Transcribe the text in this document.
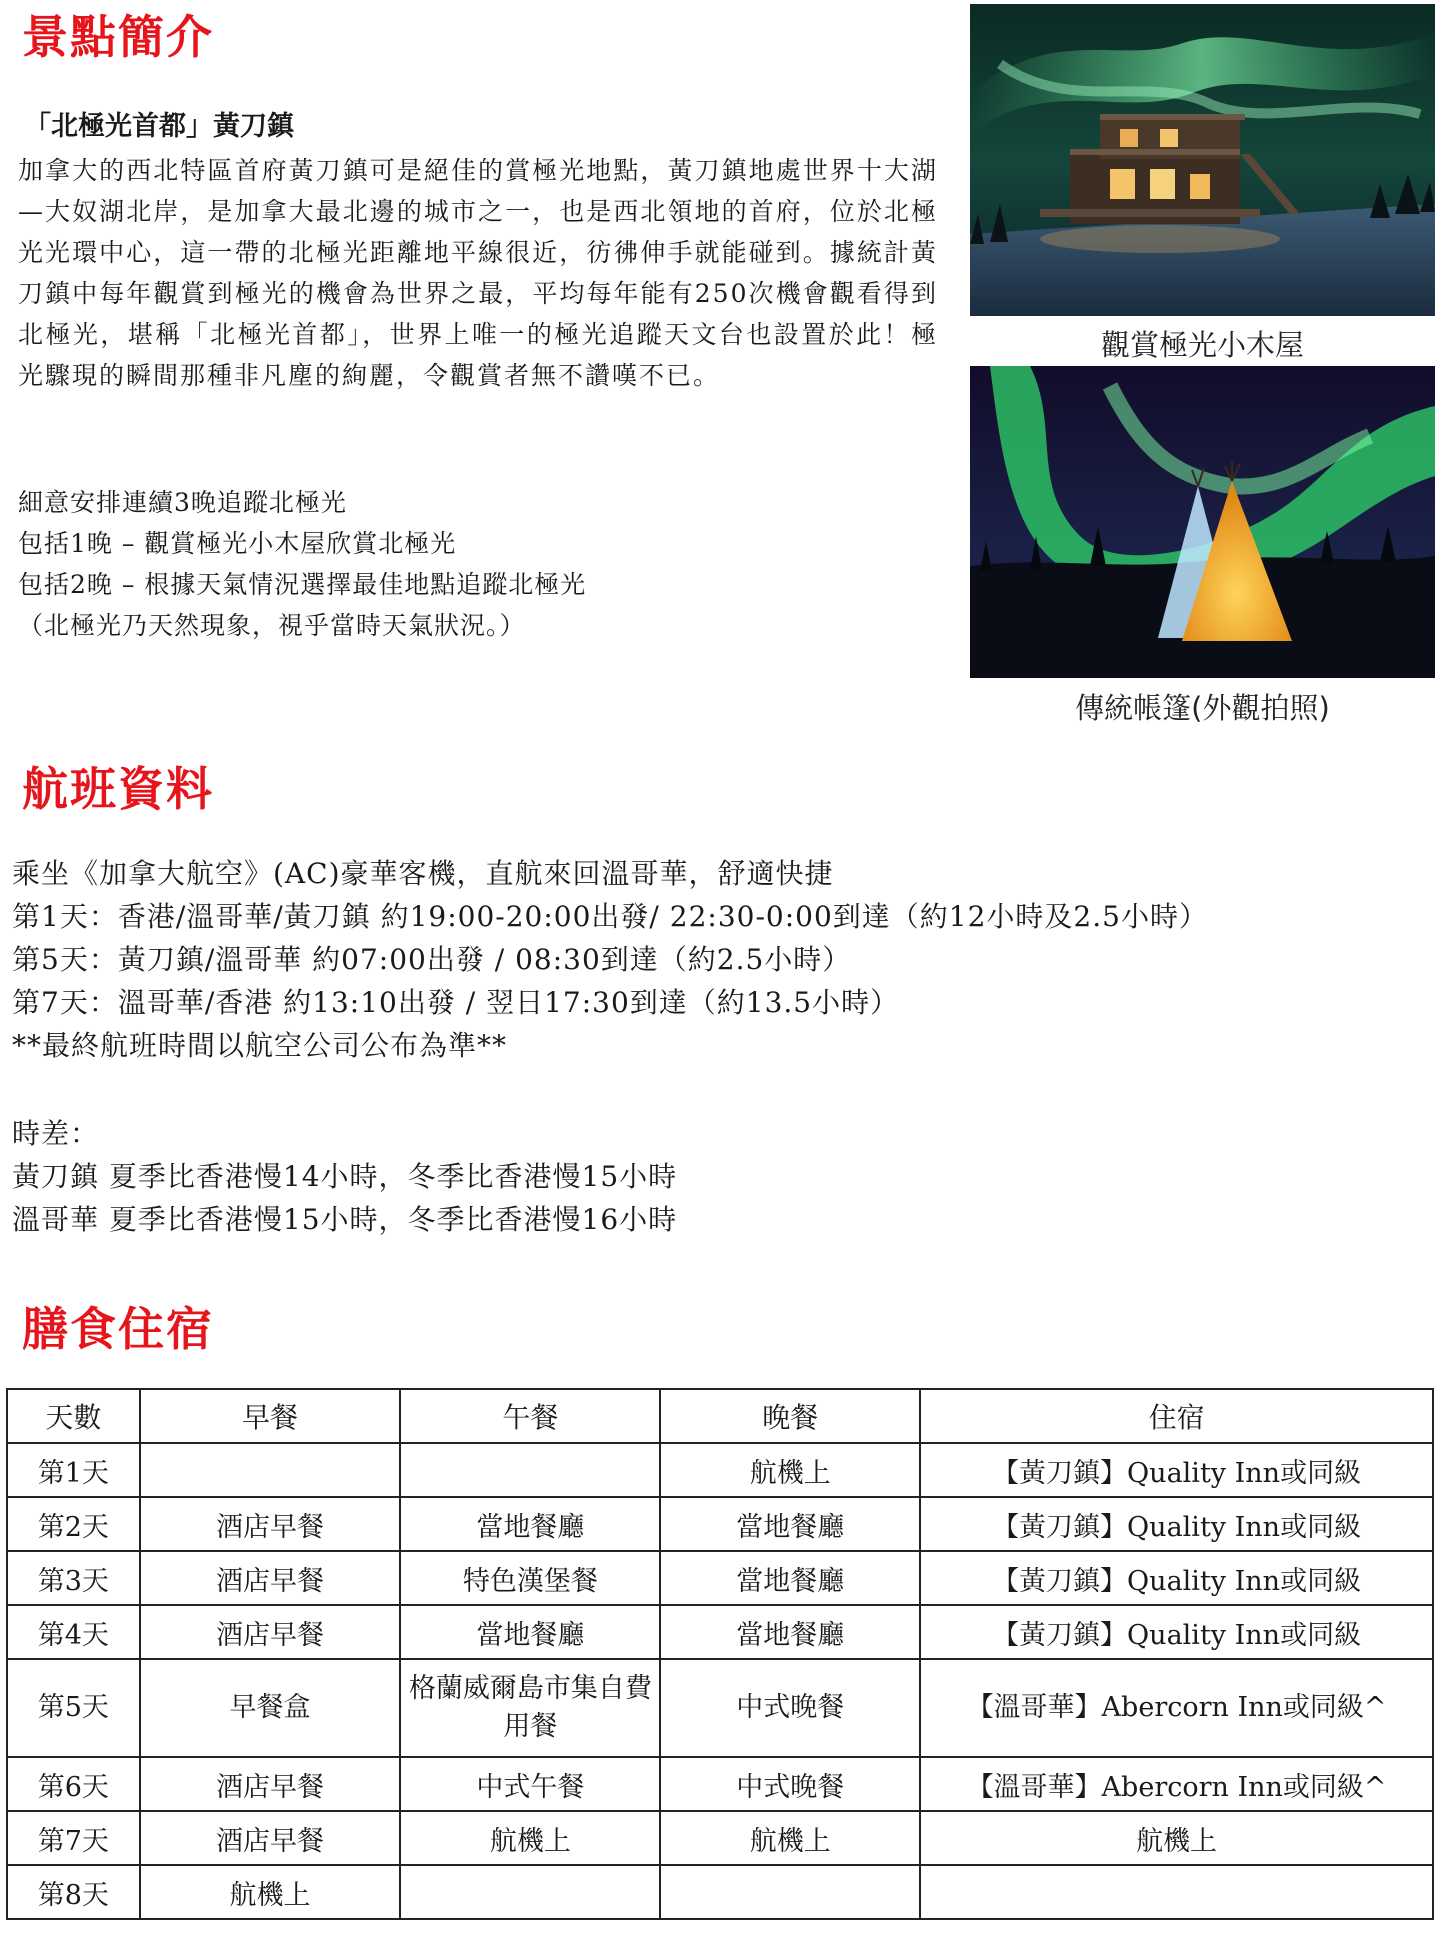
景點簡介
「北極光首都」黃刀鎮

加拿大的西北特區首府黃刀鎮可是絕佳的賞極光地點，黃刀鎮地處世界十大湖—大奴湖北岸，是加拿大最北邊的城市之一，也是西北領地的首府，位於北極光光環中心，這一帶的北極光距離地平線很近，彷彿伸手就能碰到。據統計黃刀鎮中每年觀賞到極光的機會為世界之最，平均每年能有250次機會觀看得到北極光，堪稱「北極光首都」，世界上唯一的極光追蹤天文台也設置於此！極光驟現的瞬間那種非凡塵的絢麗，令觀賞者無不讚嘆不已。

細意安排連續3晚追蹤北極光
包括1晚 – 觀賞極光小木屋欣賞北極光
包括2晚 – 根據天氣情況選擇最佳地點追蹤北極光
（北極光乃天然現象，視乎當時天氣狀況。）
觀賞極光小木屋
傳統帳篷(外觀拍照)
航班資料
乘坐《加拿大航空》(AC)豪華客機，直航來回溫哥華，舒適快捷
第1天：香港/溫哥華/黃刀鎮 約19:00-20:00出發/ 22:30-0:00到達（約12小時及2.5小時）
第5天：黃刀鎮/溫哥華 約07:00出發 / 08:30到達（約2.5小時）
第7天：溫哥華/香港 約13:10出發 / 翌日17:30到達（約13.5小時）
**最終航班時間以航空公司公布為準**
時差：
黃刀鎮 夏季比香港慢14小時，冬季比香港慢15小時
溫哥華 夏季比香港慢15小時，冬季比香港慢16小時
膳食住宿
天數	早餐	午餐	晚餐	住宿
第1天			航機上	【黃刀鎮】Quality Inn或同級
第2天	酒店早餐	當地餐廳	當地餐廳	【黃刀鎮】Quality Inn或同級
第3天	酒店早餐	特色漢堡餐	當地餐廳	【黃刀鎮】Quality Inn或同級
第4天	酒店早餐	當地餐廳	當地餐廳	【黃刀鎮】Quality Inn或同級
第5天	早餐盒	格蘭威爾島市集自費用餐	中式晚餐	【溫哥華】Abercorn Inn或同級^
第6天	酒店早餐	中式午餐	中式晚餐	【溫哥華】Abercorn Inn或同級^
第7天	酒店早餐	航機上	航機上	航機上
第8天	航機上			
